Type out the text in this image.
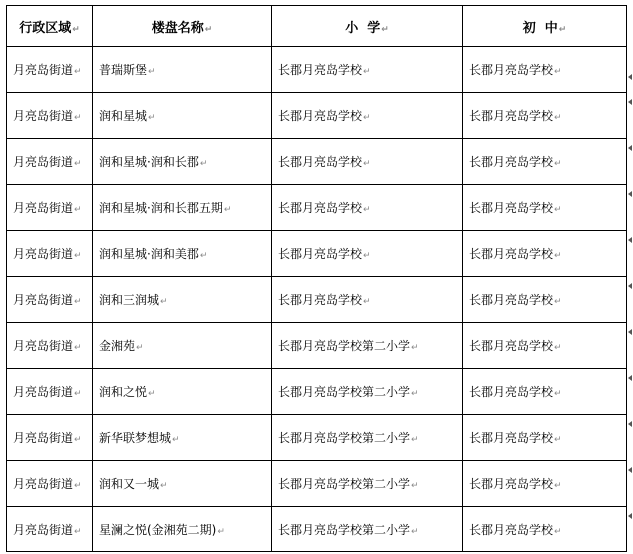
行政区域↵	楼盘名称↵	小  学↵	初  中↵
月亮岛街道↵	普瑞斯堡↵	长郡月亮岛学校↵	长郡月亮岛学校↵
月亮岛街道↵	润和星城↵	长郡月亮岛学校↵	长郡月亮岛学校↵
月亮岛街道↵	润和星城·润和长郡↵	长郡月亮岛学校↵	长郡月亮岛学校↵
月亮岛街道↵	润和星城·润和长郡五期↵	长郡月亮岛学校↵	长郡月亮岛学校↵
月亮岛街道↵	润和星城·润和美郡↵	长郡月亮岛学校↵	长郡月亮岛学校↵
月亮岛街道↵	润和三润城↵	长郡月亮岛学校↵	长郡月亮岛学校↵
月亮岛街道↵	金湘苑↵	长郡月亮岛学校第二小学↵	长郡月亮岛学校↵
月亮岛街道↵	润和之悦↵	长郡月亮岛学校第二小学↵	长郡月亮岛学校↵
月亮岛街道↵	新华联梦想城↵	长郡月亮岛学校第二小学↵	长郡月亮岛学校↵
月亮岛街道↵	润和又一城↵	长郡月亮岛学校第二小学↵	长郡月亮岛学校↵
月亮岛街道↵	星澜之悦(金湘苑二期)↵	长郡月亮岛学校第二小学↵	长郡月亮岛学校↵
